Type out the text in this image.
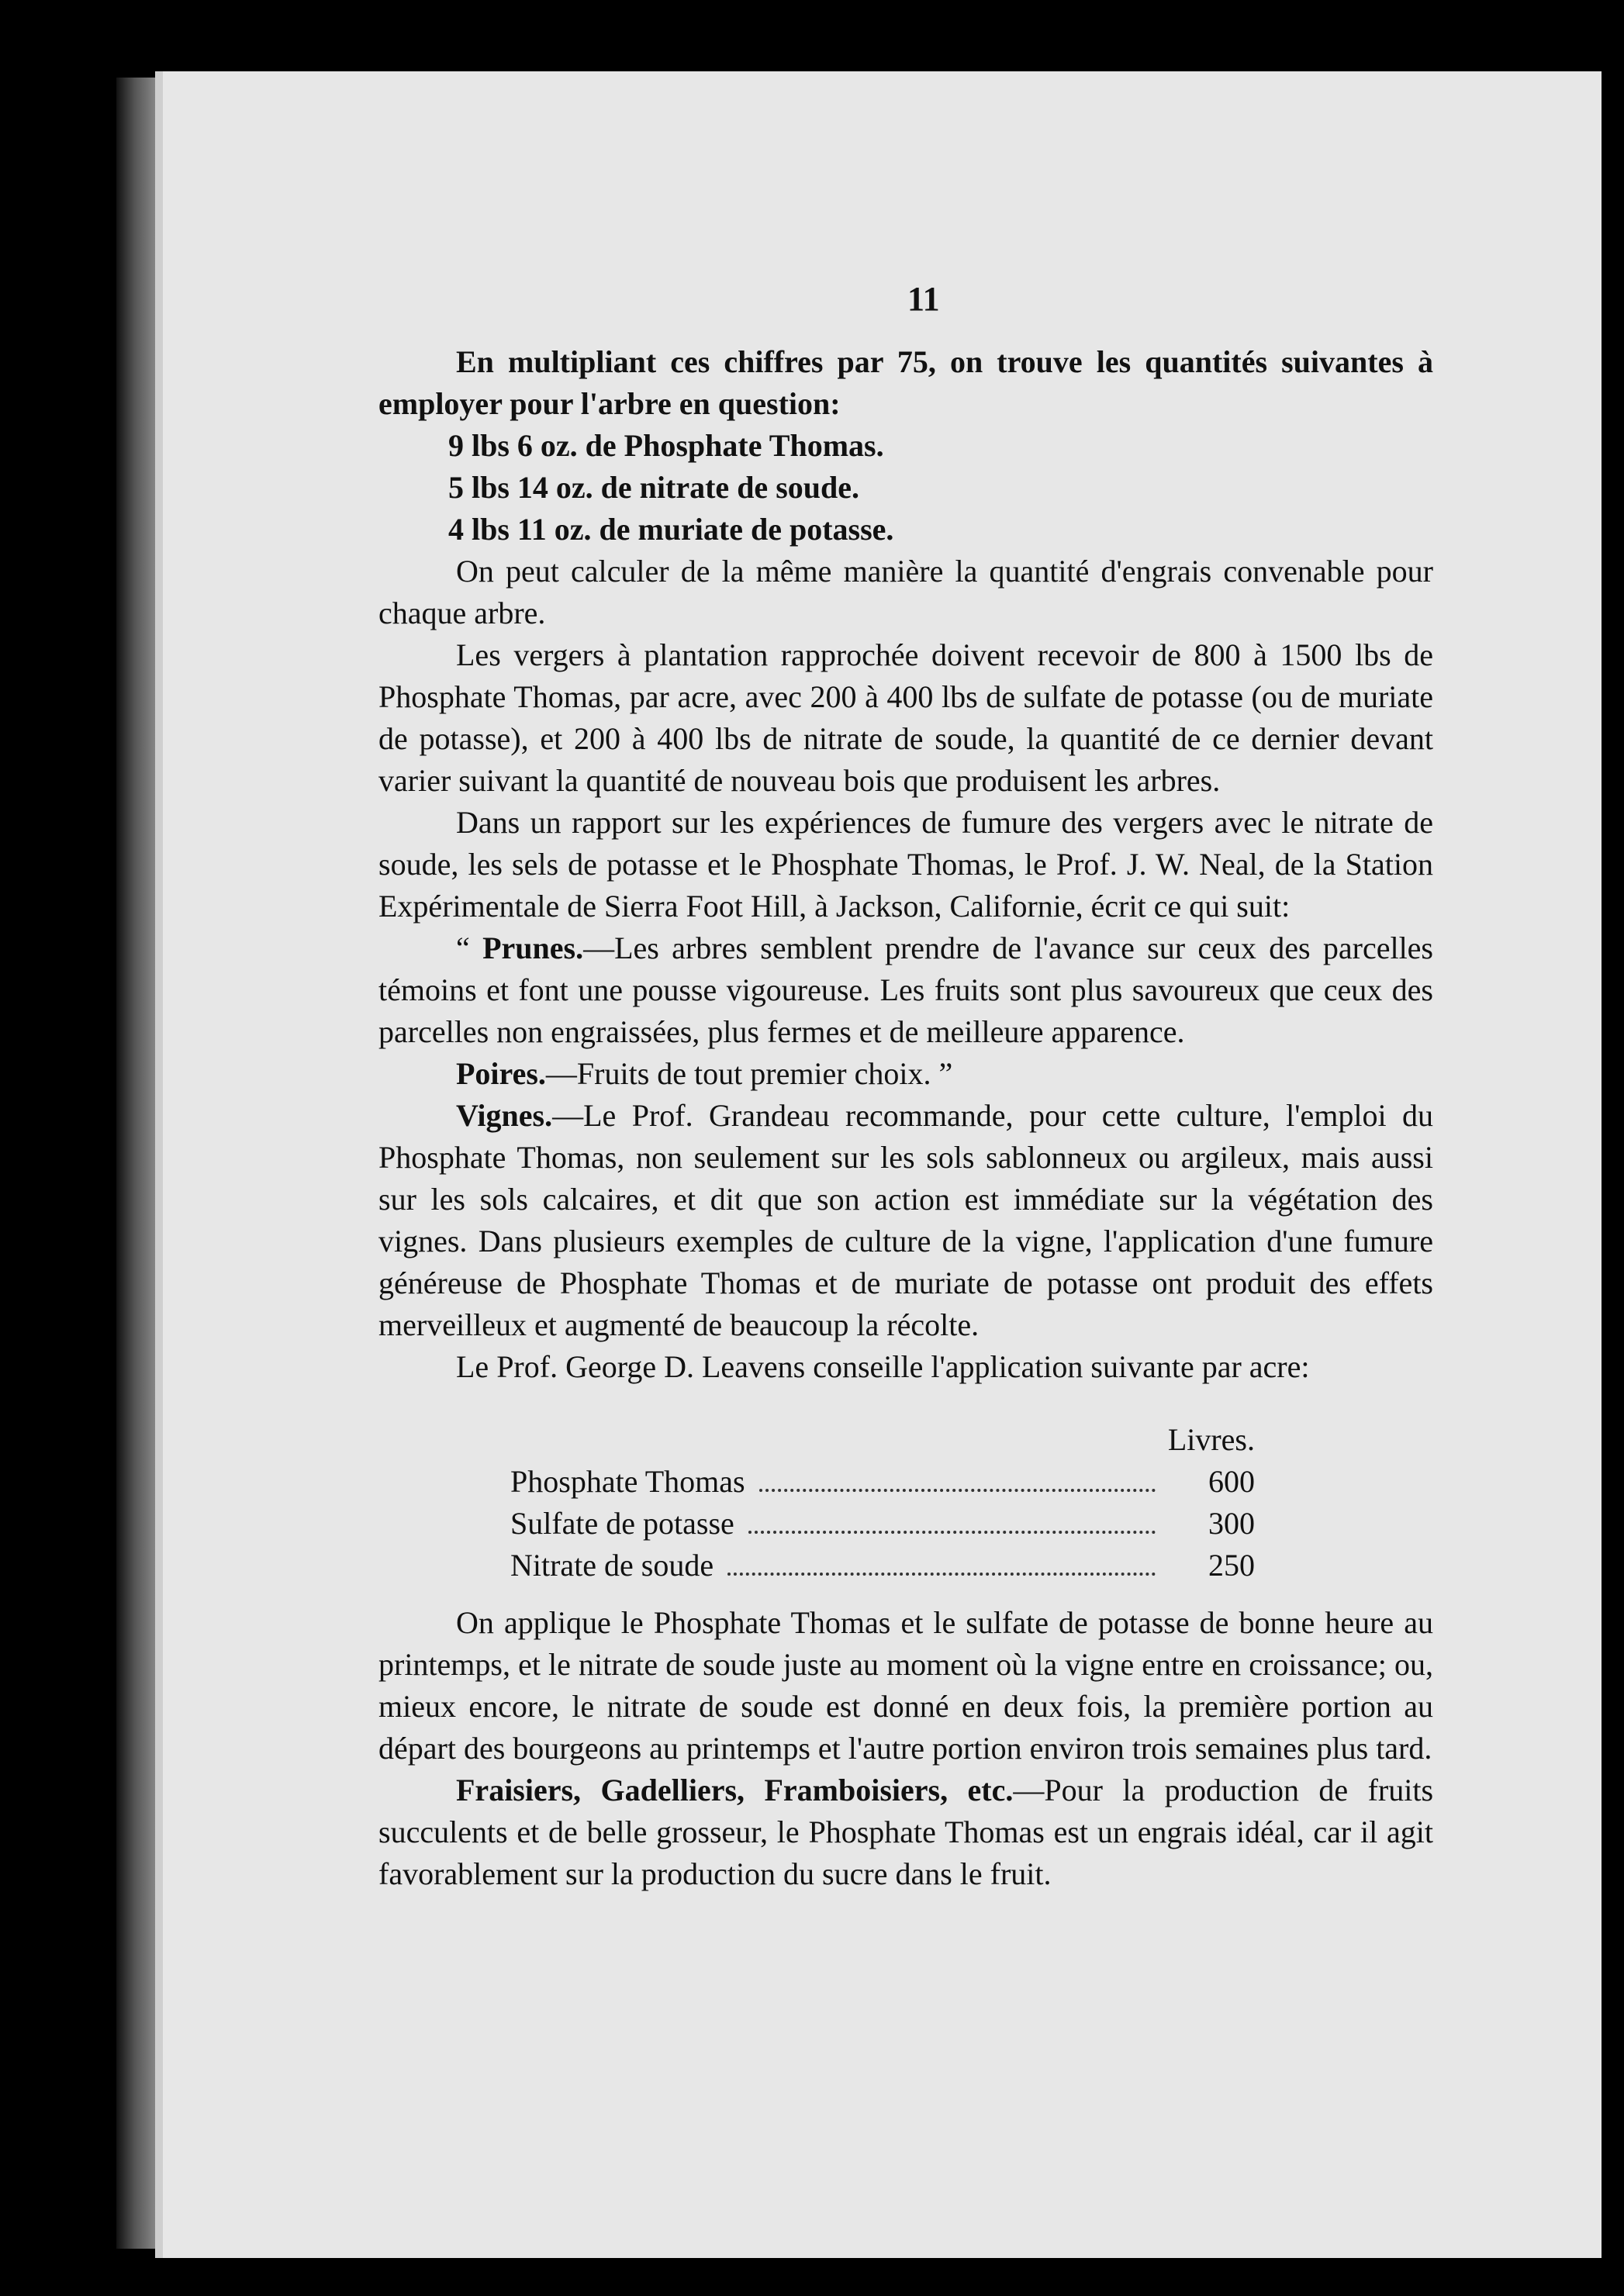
11

En multipliant ces chiffres par 75, on trouve les quantités suivantes à employer pour l'arbre en question:

9 lbs 6 oz. de Phosphate Thomas.

5 lbs 14 oz. de nitrate de soude.

4 lbs 11 oz. de muriate de potasse.

On peut calculer de la même manière la quantité d'engrais convenable pour chaque arbre.

Les vergers à plantation rapprochée doivent recevoir de 800 à 1500 lbs de Phosphate Thomas, par acre, avec 200 à 400 lbs de sulfate de potasse (ou de muriate de potasse), et 200 à 400 lbs de nitrate de soude, la quantité de ce dernier devant varier suivant la quantité de nouveau bois que produisent les arbres.

Dans un rapport sur les expériences de fumure des vergers avec le nitrate de soude, les sels de potasse et le Phosphate Thomas, le Prof. J. W. Neal, de la Station Expérimentale de Sierra Foot Hill, à Jackson, Californie, écrit ce qui suit:

“ Prunes.—Les arbres semblent prendre de l'avance sur ceux des parcelles témoins et font une pousse vigoureuse. Les fruits sont plus savoureux que ceux des parcelles non engraissées, plus fermes et de meilleure apparence.

Poires.—Fruits de tout premier choix. ”

Vignes.—Le Prof. Grandeau recommande, pour cette culture, l'emploi du Phosphate Thomas, non seulement sur les sols sablonneux ou argileux, mais aussi sur les sols calcaires, et dit que son action est immédiate sur la végétation des vignes. Dans plusieurs exemples de culture de la vigne, l'application d'une fumure généreuse de Phosphate Thomas et de muriate de potasse ont produit des effets merveilleux et augmenté de beaucoup la récolte.

Le Prof. George D. Leavens conseille l'application suivante par acre:

Livres.
Phosphate Thomas	600
Sulfate de potasse	300
Nitrate de soude	250

On applique le Phosphate Thomas et le sulfate de potasse de bonne heure au printemps, et le nitrate de soude juste au moment où la vigne entre en croissance; ou, mieux encore, le nitrate de soude est donné en deux fois, la première portion au départ des bourgeons au printemps et l'autre portion environ trois semaines plus tard.

Fraisiers, Gadelliers, Framboisiers, etc.—Pour la production de fruits succulents et de belle grosseur, le Phosphate Thomas est un engrais idéal, car il agit favorablement sur la production du sucre dans le fruit.
